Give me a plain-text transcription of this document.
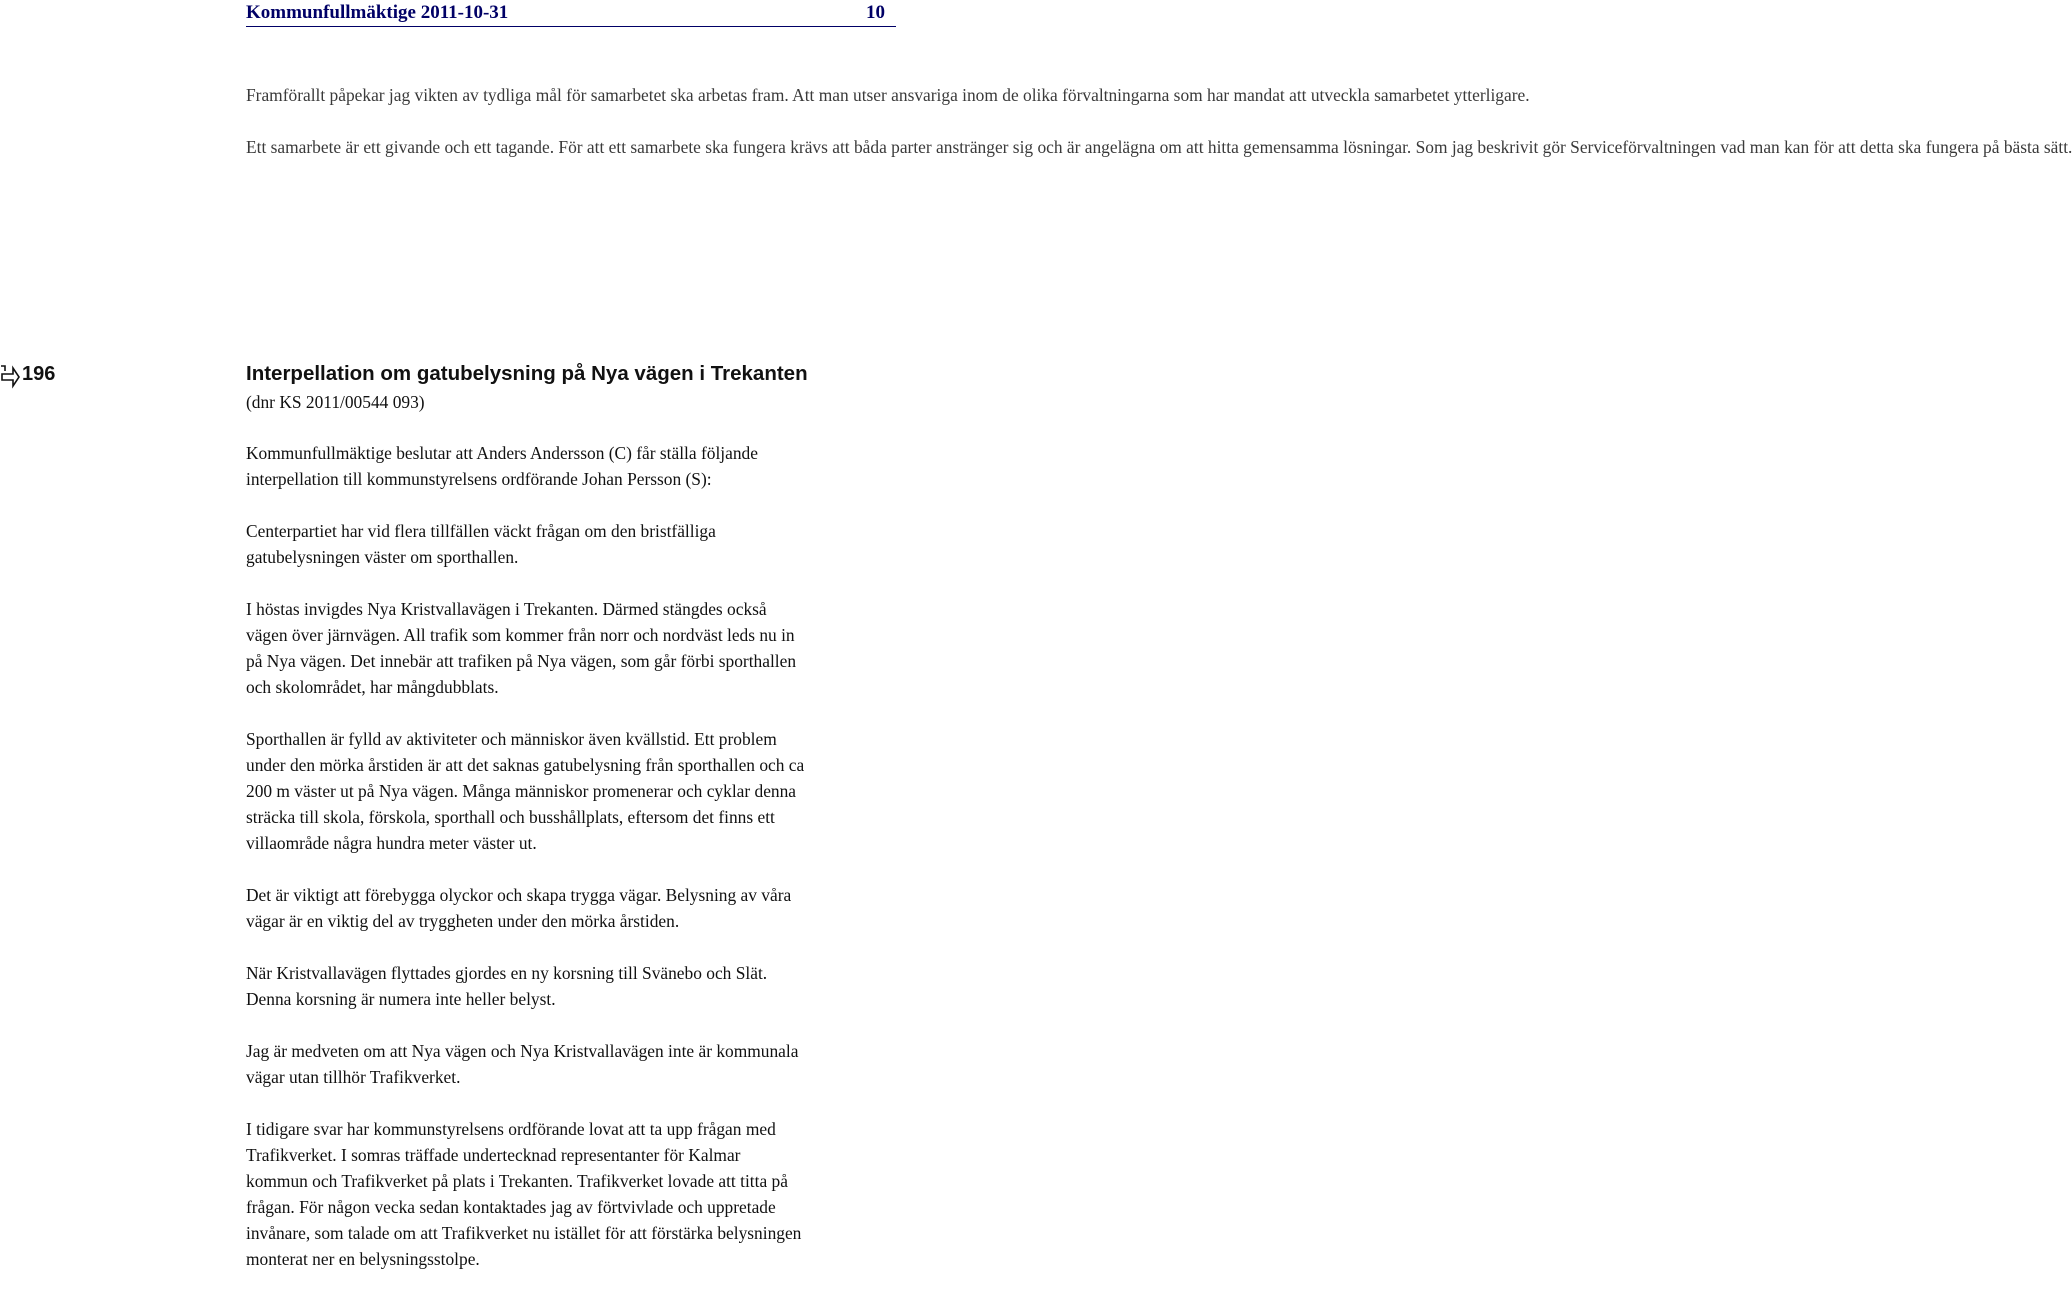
Kommunfullmäktige 2011-10-31	10

Framförallt påpekar jag vikten av tydliga mål för samarbetet ska arbetas fram. Att man utser ansvariga inom de olika förvaltningarna som har mandat att utveckla samarbetet ytterligare.

Ett samarbete är ett givande och ett tagande. För att ett samarbete ska fungera krävs att båda parter anstränger sig och är angelägna om att hitta gemensamma lösningar. Som jag beskrivit gör Serviceförvaltningen vad man kan för att detta ska fungera på bästa sätt.

196	Interpellation om gatubelysning på Nya vägen i Trekanten
(dnr KS 2011/00544 093)

Kommunfullmäktige beslutar att Anders Andersson (C) får ställa följande
interpellation till kommunstyrelsens ordförande Johan Persson (S):

Centerpartiet har vid flera tillfällen väckt frågan om den bristfälliga
gatubelysningen väster om sporthallen.

I höstas invigdes Nya Kristvallavägen i Trekanten. Därmed stängdes också
vägen över järnvägen. All trafik som kommer från norr och nordväst leds nu in
på Nya vägen. Det innebär att trafiken på Nya vägen, som går förbi sporthallen
och skolområdet, har mångdubblats.

Sporthallen är fylld av aktiviteter och människor även kvällstid. Ett problem
under den mörka årstiden är att det saknas gatubelysning från sporthallen och ca
200 m väster ut på Nya vägen. Många människor promenerar och cyklar denna
sträcka till skola, förskola, sporthall och busshållplats, eftersom det finns ett
villaområde några hundra meter väster ut.

Det är viktigt att förebygga olyckor och skapa trygga vägar. Belysning av våra
vägar är en viktig del av tryggheten under den mörka årstiden.

När Kristvallavägen flyttades gjordes en ny korsning till Svänebo och Slät.
Denna korsning är numera inte heller belyst.

Jag är medveten om att Nya vägen och Nya Kristvallavägen inte är kommunala
vägar utan tillhör Trafikverket.

I tidigare svar har kommunstyrelsens ordförande lovat att ta upp frågan med
Trafikverket. I somras träffade undertecknad representanter för Kalmar
kommun och Trafikverket på plats i Trekanten. Trafikverket lovade att titta på
frågan. För någon vecka sedan kontaktades jag av förtvivlade och uppretade
invånare, som talade om att Trafikverket nu istället för att förstärka belysningen
monterat ner en belysningsstolpe.
